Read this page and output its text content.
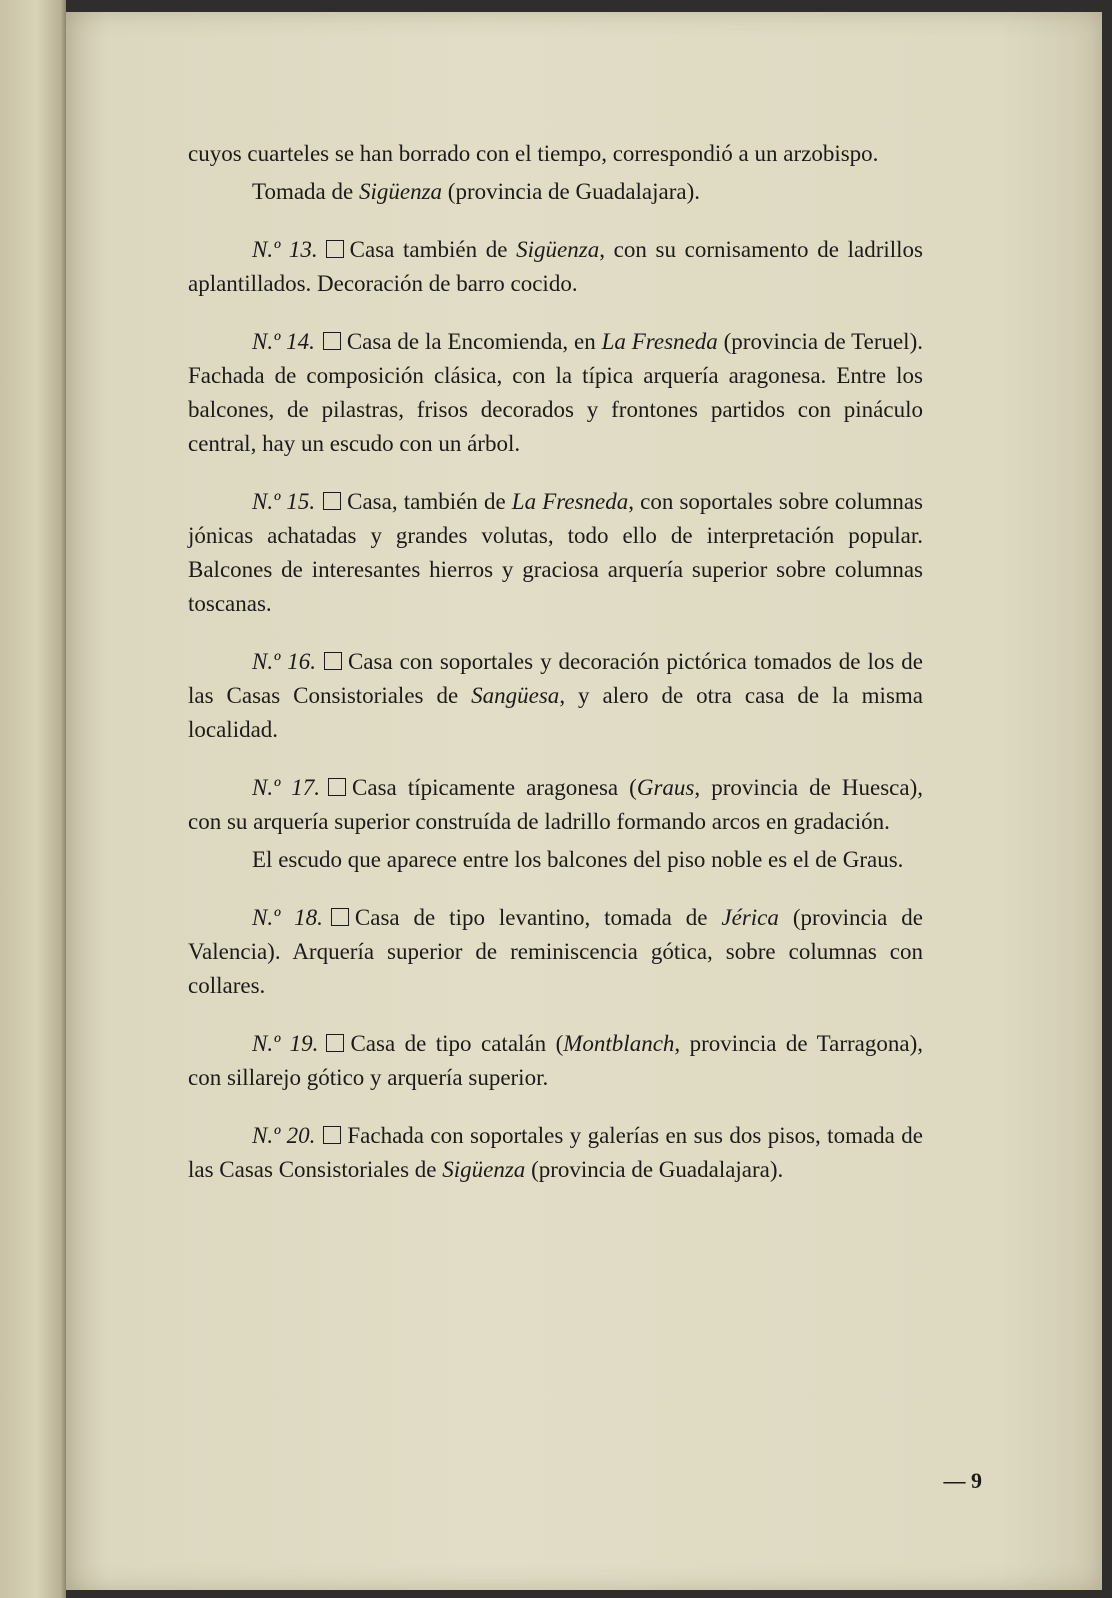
cuyos cuarteles se han borrado con el tiempo, correspondió a un arzobispo.

Tomada de Sigüenza (provincia de Guadalajara).

N.º 13. Casa también de Sigüenza, con su cornisamento de ladrillos aplantillados. Decoración de barro cocido.

N.º 14. Casa de la Encomienda, en La Fresneda (provincia de Teruel). Fachada de composición clásica, con la típica arquería aragonesa. Entre los balcones, de pilastras, frisos decorados y frontones partidos con pináculo central, hay un escudo con un árbol.

N.º 15. Casa, también de La Fresneda, con soportales sobre columnas jónicas achatadas y grandes volutas, todo ello de interpretación popular. Balcones de interesantes hierros y graciosa arquería superior sobre columnas toscanas.

N.º 16. Casa con soportales y decoración pictórica tomados de los de las Casas Consistoriales de Sangüesa, y alero de otra casa de la misma localidad.

N.º 17. Casa típicamente aragonesa (Graus, provincia de Huesca), con su arquería superior construída de ladrillo formando arcos en gradación.

El escudo que aparece entre los balcones del piso noble es el de Graus.

N.º 18. Casa de tipo levantino, tomada de Jérica (provincia de Valencia). Arquería superior de reminiscencia gótica, sobre columnas con collares.

N.º 19. Casa de tipo catalán (Montblanch, provincia de Tarragona), con sillarejo gótico y arquería superior.

N.º 20. Fachada con soportales y galerías en sus dos pisos, tomada de las Casas Consistoriales de Sigüenza (provincia de Guadalajara).

— 9
